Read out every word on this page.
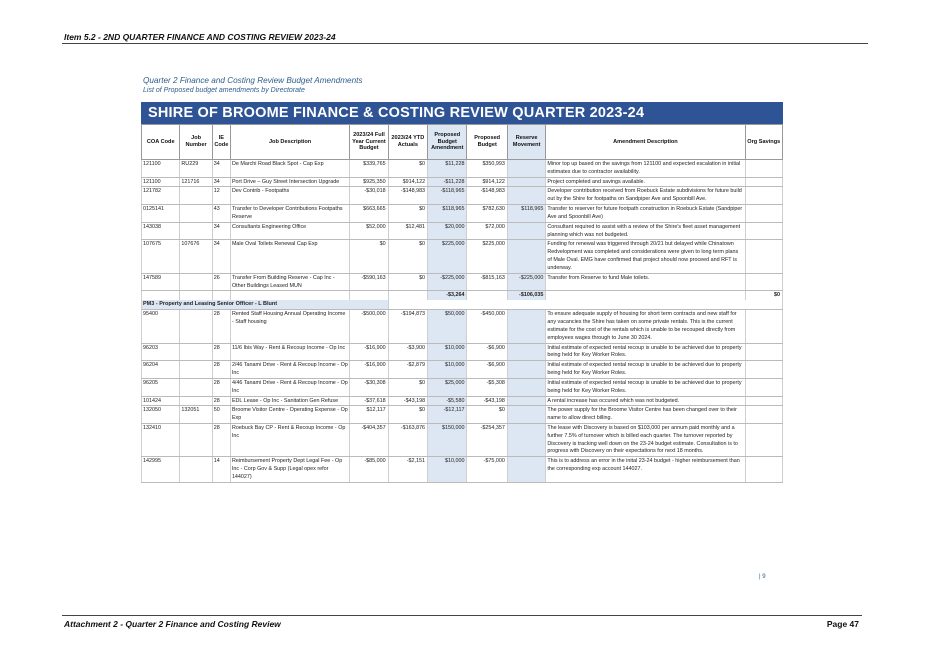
Item 5.2 - 2ND QUARTER FINANCE AND COSTING REVIEW 2023-24
Quarter 2 Finance and Costing Review Budget Amendments
List of Proposed budget amendments by Directorate
SHIRE OF BROOME FINANCE & COSTING REVIEW QUARTER 2023-24
COA Code	Job Number	IE Code	Job Description	2023/24 Full Year Current Budget	2023/24 YTD Actuals	Proposed Budget Amendment	Proposed Budget	Reserve Movement	Amendment Description	Org Savings
121100	RU229	34	De Marchi Road Black Spot - Cap Exp	$339,765	$0	$11,228	$350,993		Minor top up based on the savings from 121100 and expected escalation in initial estimates due to contractor availability.	
121100	121716	34	Port Drive – Guy Street Intersection Upgrade	$925,350	$914,122	-$11,228	$914,122		Project completed and savings available.	
121782		12	Dev Contrib - Footpaths	-$30,018	-$148,983	-$118,965	-$148,983		Developer contribution received from Roebuck Estate subdivisions for future build out by the Shire for footpaths on Sandpiper Ave and Spoonbill Ave.	
0125141		43	Transfer to Developer Contributions Footpaths Reserve	$663,665	$0	$118,965	$782,630	$118,965	Transfer to reserver for future footpath construction in Roebuck Estate (Sandpiper Ave and Spoonbill Ave)	
143038		34	Consultants Engineering Office	$52,000	$12,481	$20,000	$72,000		Consultant required to assist with a review of the Shire's fleet asset management planning which was not budgeted.	
107675	107676	34	Male Oval Toilets Renewal Cap Exp	$0	$0	$225,000	$225,000		Funding for renewal was triggered through 20/21 but delayed while Chinatown Redvelopment was completed and considerations were given to long term plans of Male Oval. EMG have confirmed that project should now proceed and RFT is underway.	
147589		26	Transfer From Building Reserve - Cap Inc - Other Buildings Leased MUN	-$590,163	$0	-$225,000	-$815,163	-$225,000	Transfer from Reserve to fund Male toilets.	
						-$3,264		-$106,035		$0
PM3 - Property and Leasing Senior Officer - L Blunt										
95400		28	Rented Staff Housing Annual Operating Income - Staff housing	-$500,000	-$194,873	$50,000	-$450,000		To ensure adequate supply of housing for short term contracts and new staff for any vacancies the Shire has taken on some private rentals. This is the current estimate for the cost of the rentals which is unable to be recouped directly from employees wages through to June 30 2024.	
96203		28	11/6 Ibis Way - Rent & Recoup Income - Op Inc	-$16,900	-$3,900	$10,000	-$6,900		Initial estimate of expected rental recoup is unable to be achieved due to property being held for Key Worker Roles.	
96204		28	2/46 Tanami Drive - Rent & Recoup Income - Op Inc	-$16,900	-$2,879	$10,000	-$6,900		Initial estimate of expected rental recoup is unable to be achieved due to property being held for Key Worker Roles.	
96205		28	4/46 Tanami Drive - Rent & Recoup Income - Op Inc	-$30,308	$0	$25,000	-$5,308		Initial estimate of expected rental recoup is unable to be achieved due to property being held for Key Worker Roles.	
101424		28	EDL Lease - Op Inc - Sanitation Gen Refuse	-$37,618	-$43,198	-$5,580	-$43,198		A rental increase has occured which was not budgeted.	
132050	132051	50	Broome Visitor Centre - Operating Expense - Op Exp	$12,117	$0	-$12,117	$0		The power supply for the Broome Visitor Centre has been changed over to their name to allow direct billing.	
132410		28	Roebuck Bay CP - Rent & Recoup Income - Op Inc	-$404,357	-$163,876	$150,000	-$254,357		The lease with Discovery is based on $103,000 per annum paid monthly and a further 7.5% of turnover which is billed each quarter. The turnover reported by Discovery is tracking well down on the 23-24 budget estimate. Consultation is to progress with Discovery on their expectations for next 18 months.	
142995		14	Reimbursement Property Dept Legal Fee - Op Inc - Corp Gov & Supp (Legal opex refor 144027)	-$85,000	-$2,151	$10,000	-$75,000		This is to address an error in the inital 23-24 budget - higher reimbursement than the corresponding exp account 144027.	
| 9
Attachment 2 - Quarter 2 Finance and Costing Review	Page 47
